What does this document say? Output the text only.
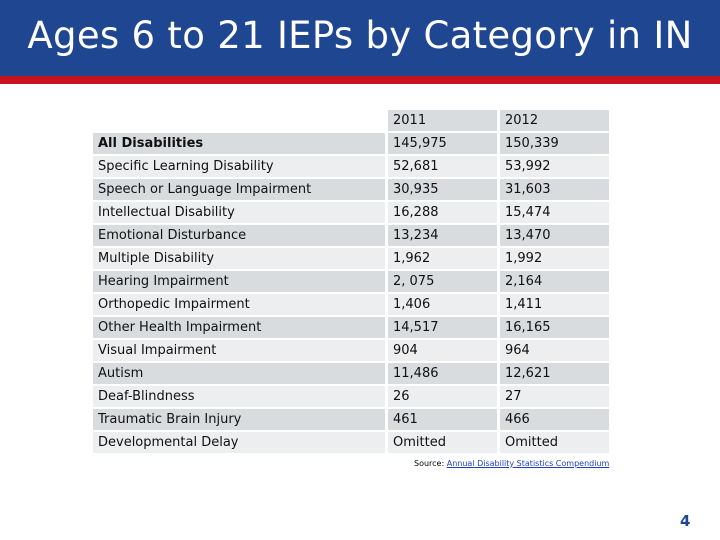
Ages 6 to 21 IEPs by Category in IN
		2011		2012
All Disabilities		145,975		150,339
Specific Learning Disability		52,681		53,992
Speech or Language Impairment		30,935		31,603
Intellectual Disability		16,288		15,474
Emotional Disturbance		13,234		13,470
Multiple Disability		1,962		1,992
Hearing Impairment		2, 075		2,164
Orthopedic Impairment		1,406		1,411
Other Health Impairment		14,517		16,165
Visual Impairment		904		964
Autism		11,486		12,621
Deaf-Blindness		26		27
Traumatic Brain Injury		461		466
Developmental Delay		Omitted		Omitted
Source: Annual Disability Statistics Compendium
4
